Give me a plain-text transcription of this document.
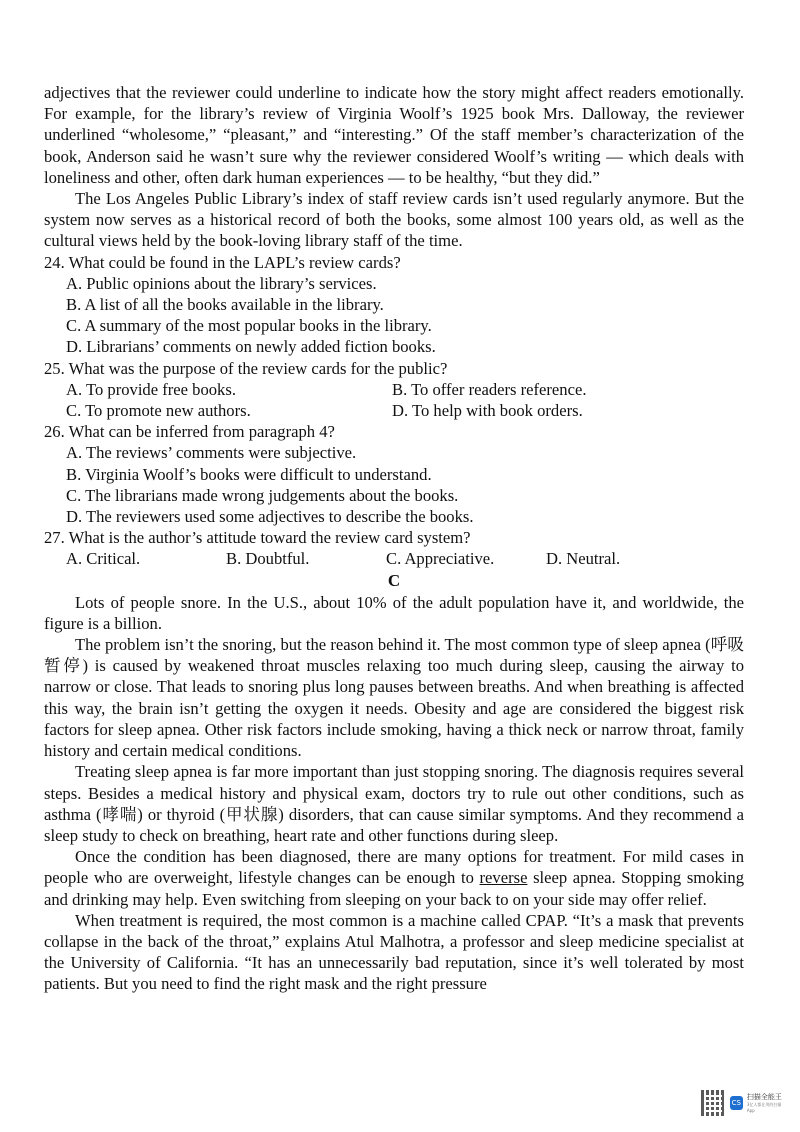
adjectives that the reviewer could underline to indicate how the story might affect readers emotionally. For example, for the library’s review of Virginia Woolf’s 1925 book Mrs. Dalloway, the reviewer underlined “wholesome,” “pleasant,” and “interesting.” Of the staff member’s characterization of the book, Anderson said he wasn’t sure why the reviewer considered Woolf’s writing — which deals with loneliness and other, often dark human experiences — to be healthy, “but they did.”

The Los Angeles Public Library’s index of staff review cards isn’t used regularly anymore. But the system now serves as a historical record of both the books, some almost 100 years old, as well as the cultural views held by the book-loving library staff of the time.

24. What could be found in the LAPL’s review cards?

A. Public opinions about the library’s services.

B. A list of all the books available in the library.

C. A summary of the most popular books in the library.

D. Librarians’ comments on newly added fiction books.

25. What was the purpose of the review cards for the public?

A. To provide free books.	B. To offer readers reference.
C. To promote new authors.	D. To help with book orders.

26. What can be inferred from paragraph 4?

A. The reviews’ comments were subjective.

B. Virginia Woolf’s books were difficult to understand.

C. The librarians made wrong judgements about the books.

D. The reviewers used some adjectives to describe the books.

27. What is the author’s attitude toward the review card system?

A. Critical.	B. Doubtful.	C. Appreciative.	D. Neutral.

C

Lots of people snore. In the U.S., about 10% of the adult population have it, and worldwide, the figure is a billion.

The problem isn’t the snoring, but the reason behind it. The most common type of sleep apnea (呼吸暂停) is caused by weakened throat muscles relaxing too much during sleep, causing the airway to narrow or close. That leads to snoring plus long pauses between breaths. And when breathing is affected this way, the brain isn’t getting the oxygen it needs. Obesity and age are considered the biggest risk factors for sleep apnea. Other risk factors include smoking, having a thick neck or narrow throat, family history and certain medical conditions.

Treating sleep apnea is far more important than just stopping snoring. The diagnosis requires several steps. Besides a medical history and physical exam, doctors try to rule out other conditions, such as asthma (哮喘) or thyroid (甲状腺) disorders, that can cause similar symptoms. And they recommend a sleep study to check on breathing, heart rate and other functions during sleep.

Once the condition has been diagnosed, there are many options for treatment. For mild cases in people who are overweight, lifestyle changes can be enough to reverse sleep apnea. Stopping smoking and drinking may help. Even switching from sleeping on your back to on your side may offer relief.

When treatment is required, the most common is a machine called CPAP. “It’s a mask that prevents collapse in the back of the throat,” explains Atul Malhotra, a professor and sleep medicine specialist at the University of California. “It has an unnecessarily bad reputation, since it’s well tolerated by most patients. But you need to find the right mask and the right pressure

CS
扫描全能王
3亿人都在用的扫描App
